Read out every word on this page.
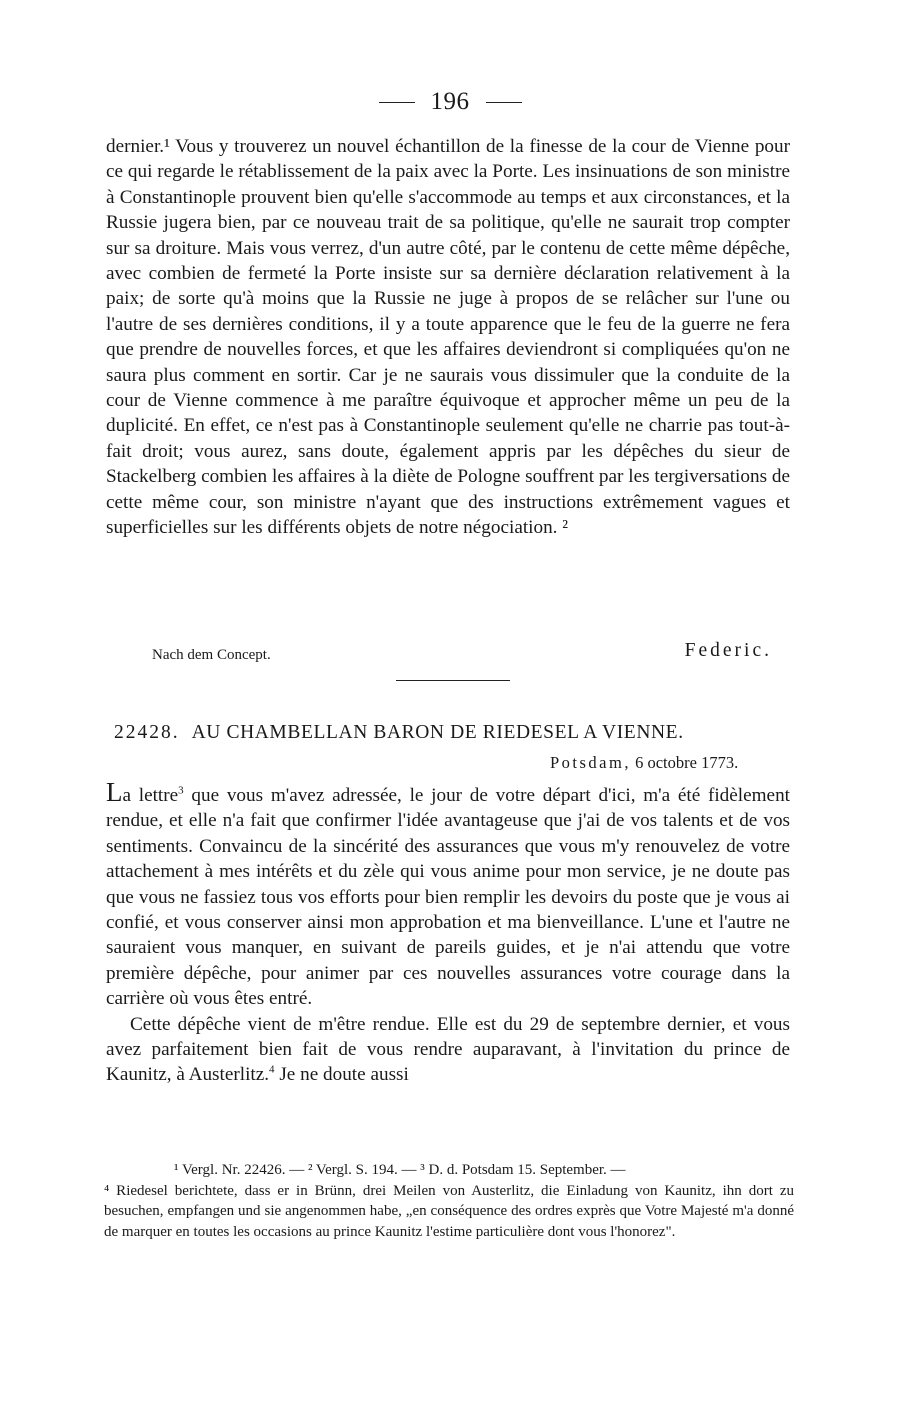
196

dernier.¹ Vous y trouverez un nouvel échantillon de la finesse de la cour de Vienne pour ce qui regarde le rétablissement de la paix avec la Porte. Les insinuations de son ministre à Constantinople prouvent bien qu'elle s'accommode au temps et aux circonstances, et la Russie jugera bien, par ce nouveau trait de sa politique, qu'elle ne saurait trop compter sur sa droiture. Mais vous verrez, d'un autre côté, par le contenu de cette même dépêche, avec combien de fermeté la Porte insiste sur sa dernière déclaration relativement à la paix; de sorte qu'à moins que la Russie ne juge à propos de se relâcher sur l'une ou l'autre de ses dernières conditions, il y a toute apparence que le feu de la guerre ne fera que prendre de nouvelles forces, et que les affaires deviendront si compliquées qu'on ne saura plus comment en sortir. Car je ne saurais vous dissimuler que la conduite de la cour de Vienne commence à me paraître équivoque et approcher même un peu de la duplicité. En effet, ce n'est pas à Constantinople seulement qu'elle ne charrie pas tout-à-fait droit; vous aurez, sans doute, également appris par les dépêches du sieur de Stackelberg combien les affaires à la diète de Pologne souffrent par les tergiversations de cette même cour, son ministre n'ayant que des instructions extrêmement vagues et superficielles sur les différents objets de notre négociation. ²

Nach dem Concept.	Federic.
22428. AU CHAMBELLAN BARON DE RIEDESEL A VIENNE.
Potsdam, 6 octobre 1773.

La lettre$^3$ que vous m'avez adressée, le jour de votre départ d'ici, m'a été fidèlement rendue, et elle n'a fait que confirmer l'idée avantageuse que j'ai de vos talents et de vos sentiments. Convaincu de la sincérité des assurances que vous m'y renouvelez de votre attachement à mes intérêts et du zèle qui vous anime pour mon service, je ne doute pas que vous ne fassiez tous vos efforts pour bien remplir les devoirs du poste que je vous ai confié, et vous conserver ainsi mon approbation et ma bienveillance. L'une et l'autre ne sauraient vous manquer, en suivant de pareils guides, et je n'ai attendu que votre première dépêche, pour animer par ces nouvelles assurances votre courage dans la carrière où vous êtes entré.

Cette dépêche vient de m'être rendue. Elle est du 29 de septembre dernier, et vous avez parfaitement bien fait de vous rendre auparavant, à l'invitation du prince de Kaunitz, à Austerlitz.$^4$ Je ne doute aussi

¹ Vergl. Nr. 22426. — ² Vergl. S. 194. — ³ D. d. Potsdam 15. September. —

⁴ Riedesel berichtete, dass er in Brünn, drei Meilen von Austerlitz, die Einladung von Kaunitz, ihn dort zu besuchen, empfangen und sie angenommen habe, „en conséquence des ordres exprès que Votre Majesté m'a donné de marquer en toutes les occasions au prince Kaunitz l'estime particulière dont vous l'honorez".
